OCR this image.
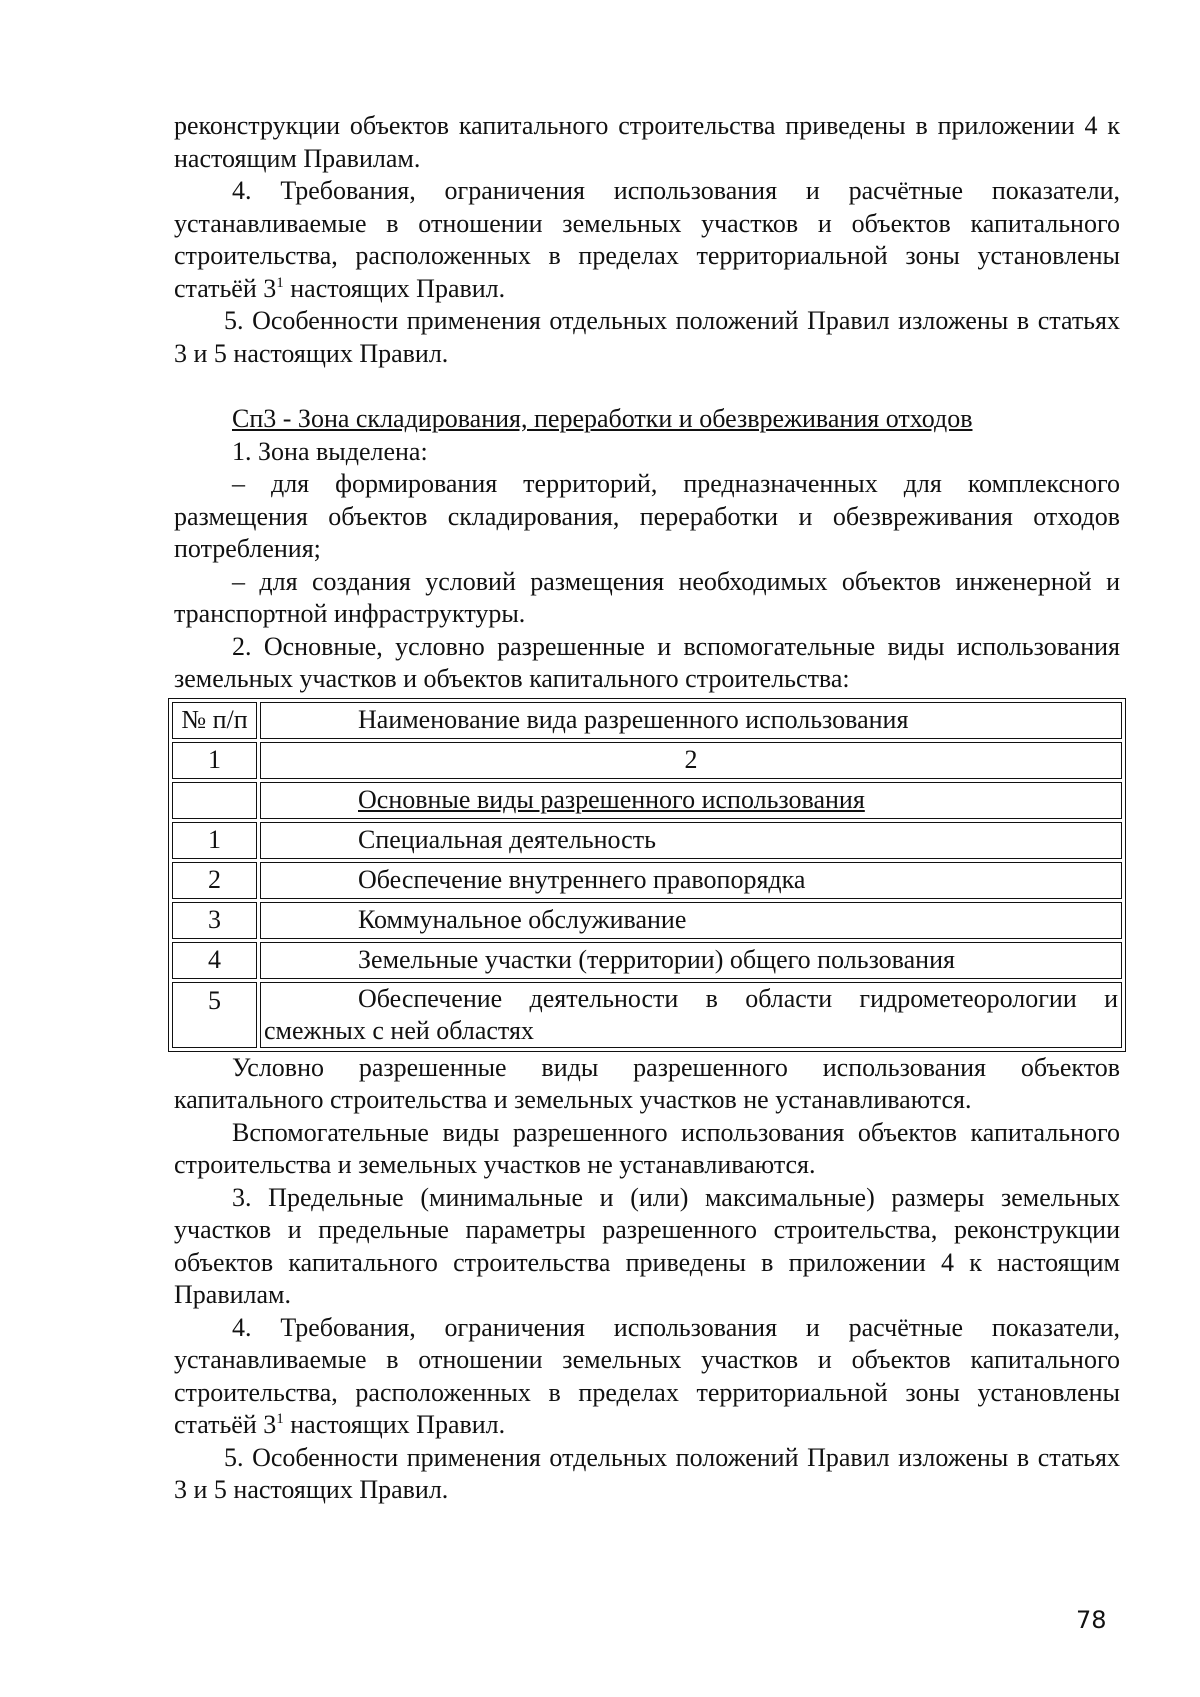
реконструкции объектов капитального строительства приведены в приложении 4 к настоящим Правилам.

4. Требования, ограничения использования и расчётные показатели, устанавливаемые в отношении земельных участков и объектов капитального строительства, расположенных в пределах территориальной зоны установлены статьёй $3^1$ настоящих Правил.

5. Особенности применения отдельных положений Правил изложены в статьях 3 и 5 настоящих Правил.

Сп3 - Зона складирования, переработки и обезвреживания отходов

1. Зона выделена:

– для формирования территорий, предназначенных для комплексного размещения объектов складирования, переработки и обезвреживания отходов потребления;

– для создания условий размещения необходимых объектов инженерной и транспортной инфраструктуры.

2. Основные, условно разрешенные и вспомогательные виды использования земельных участков и объектов капитального строительства:

№ п/п	Наименование вида разрешенного использования
1	2
	Основные виды разрешенного использования
1	Специальная деятельность
2	Обеспечение внутреннего правопорядка
3	Коммунальное обслуживание
4	Земельные участки (территории) общего пользования
5	Обеспечение деятельности в области гидрометеорологии и смежных с ней областях

Условно разрешенные виды разрешенного использования объектов капитального строительства и земельных участков не устанавливаются.

Вспомогательные виды разрешенного использования объектов капитального строительства и земельных участков не устанавливаются.

3. Предельные (минимальные и (или) максимальные) размеры земельных участков и предельные параметры разрешенного строительства, реконструкции объектов капитального строительства приведены в приложении 4 к настоящим Правилам.

4. Требования, ограничения использования и расчётные показатели, устанавливаемые в отношении земельных участков и объектов капитального строительства, расположенных в пределах территориальной зоны установлены статьёй $3^1$ настоящих Правил.

5. Особенности применения отдельных положений Правил изложены в статьях 3 и 5 настоящих Правил.

78
